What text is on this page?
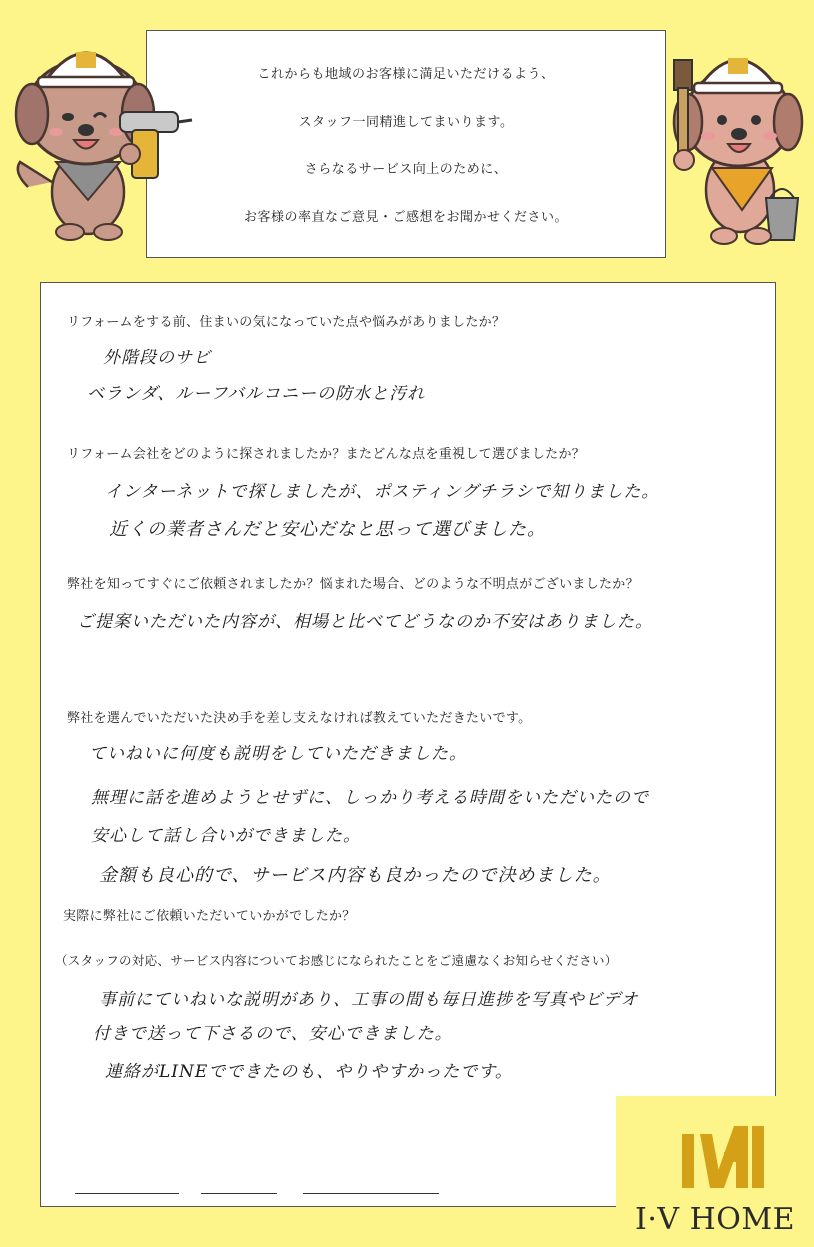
これからも地域のお客様に満足いただけるよう、
スタッフ一同精進してまいります。
さらなるサービス向上のために、
お客様の率直なご意見・ご感想をお聞かせください。
リフォームをする前、住まいの気になっていた点や悩みがありましたか？
外階段のサビ
ベランダ、ルーフバルコニーの防水と汚れ
リフォーム会社をどのように探されましたか？またどんな点を重視して選びましたか？
インターネットで探しましたが、ポスティングチラシで知りました。
近くの業者さんだと安心だなと思って選びました。
弊社を知ってすぐにご依頼されましたか？悩まれた場合、どのような不明点がございましたか？
ご提案いただいた内容が、相場と比べてどうなのか不安はありました。
弊社を選んでいただいた決め手を差し支えなければ教えていただきたいです。
ていねいに何度も説明をしていただきました。
無理に話を進めようとせずに、しっかり考える時間をいただいたので
安心して話し合いができました。
金額も良心的で、サービス内容も良かったので決めました。
実際に弊社にご依頼いただいていかがでしたか？
（スタッフの対応、サービス内容についてお感じになられたことをご遠慮なくお知らせください）
事前にていねいな説明があり、工事の間も毎日進捗を写真やビデオ
付きで送って下さるので、安心できました。
連絡がLINEでできたのも、やりやすかったです。
I·V HOME
